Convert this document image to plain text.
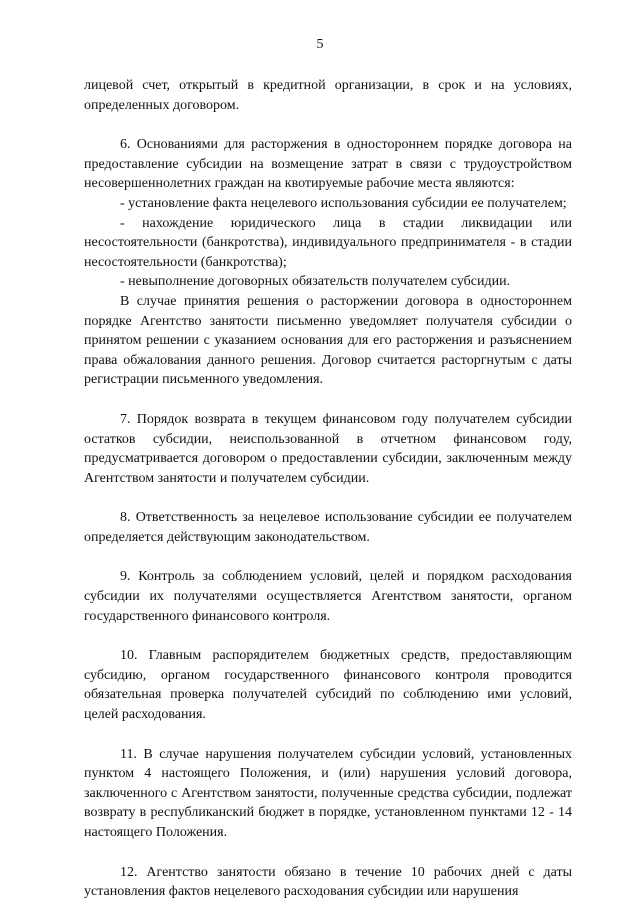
5

лицевой счет, открытый в кредитной организации, в срок и на условиях, определенных договором.

6. Основаниями для расторжения в одностороннем порядке договора на предоставление субсидии на возмещение затрат в связи с трудоустройством несовершеннолетних граждан на квотируемые рабочие места являются:

- установление факта нецелевого использования субсидии ее получателем;

- нахождение юридического лица в стадии ликвидации или несостоятельности (банкротства), индивидуального предпринимателя - в стадии несостоятельности (банкротства);

- невыполнение договорных обязательств получателем субсидии.

В случае принятия решения о расторжении договора в одностороннем порядке Агентство занятости письменно уведомляет получателя субсидии о принятом решении с указанием основания для его расторжения и разъяснением права обжалования данного решения. Договор считается расторгнутым с даты регистрации письменного уведомления.

7. Порядок возврата в текущем финансовом году получателем субсидии остатков субсидии, неиспользованной в отчетном финансовом году, предусматривается договором о предоставлении субсидии, заключенным между Агентством занятости и получателем субсидии.

8. Ответственность за нецелевое использование субсидии ее получателем определяется действующим законодательством.

9. Контроль за соблюдением условий, целей и порядком расходования субсидии их получателями осуществляется Агентством занятости, органом государственного финансового контроля.

10. Главным распорядителем бюджетных средств, предоставляющим субсидию, органом государственного финансового контроля проводится обязательная проверка получателей субсидий по соблюдению ими условий, целей расходования.

11. В случае нарушения получателем субсидии условий, установленных пунктом 4 настоящего Положения, и (или) нарушения условий договора, заключенного с Агентством занятости, полученные средства субсидии, подлежат возврату в республиканский бюджет в порядке, установленном пунктами 12 - 14 настоящего Положения.

12. Агентство занятости обязано в течение 10 рабочих дней с даты установления фактов нецелевого расходования субсидии или нарушения
